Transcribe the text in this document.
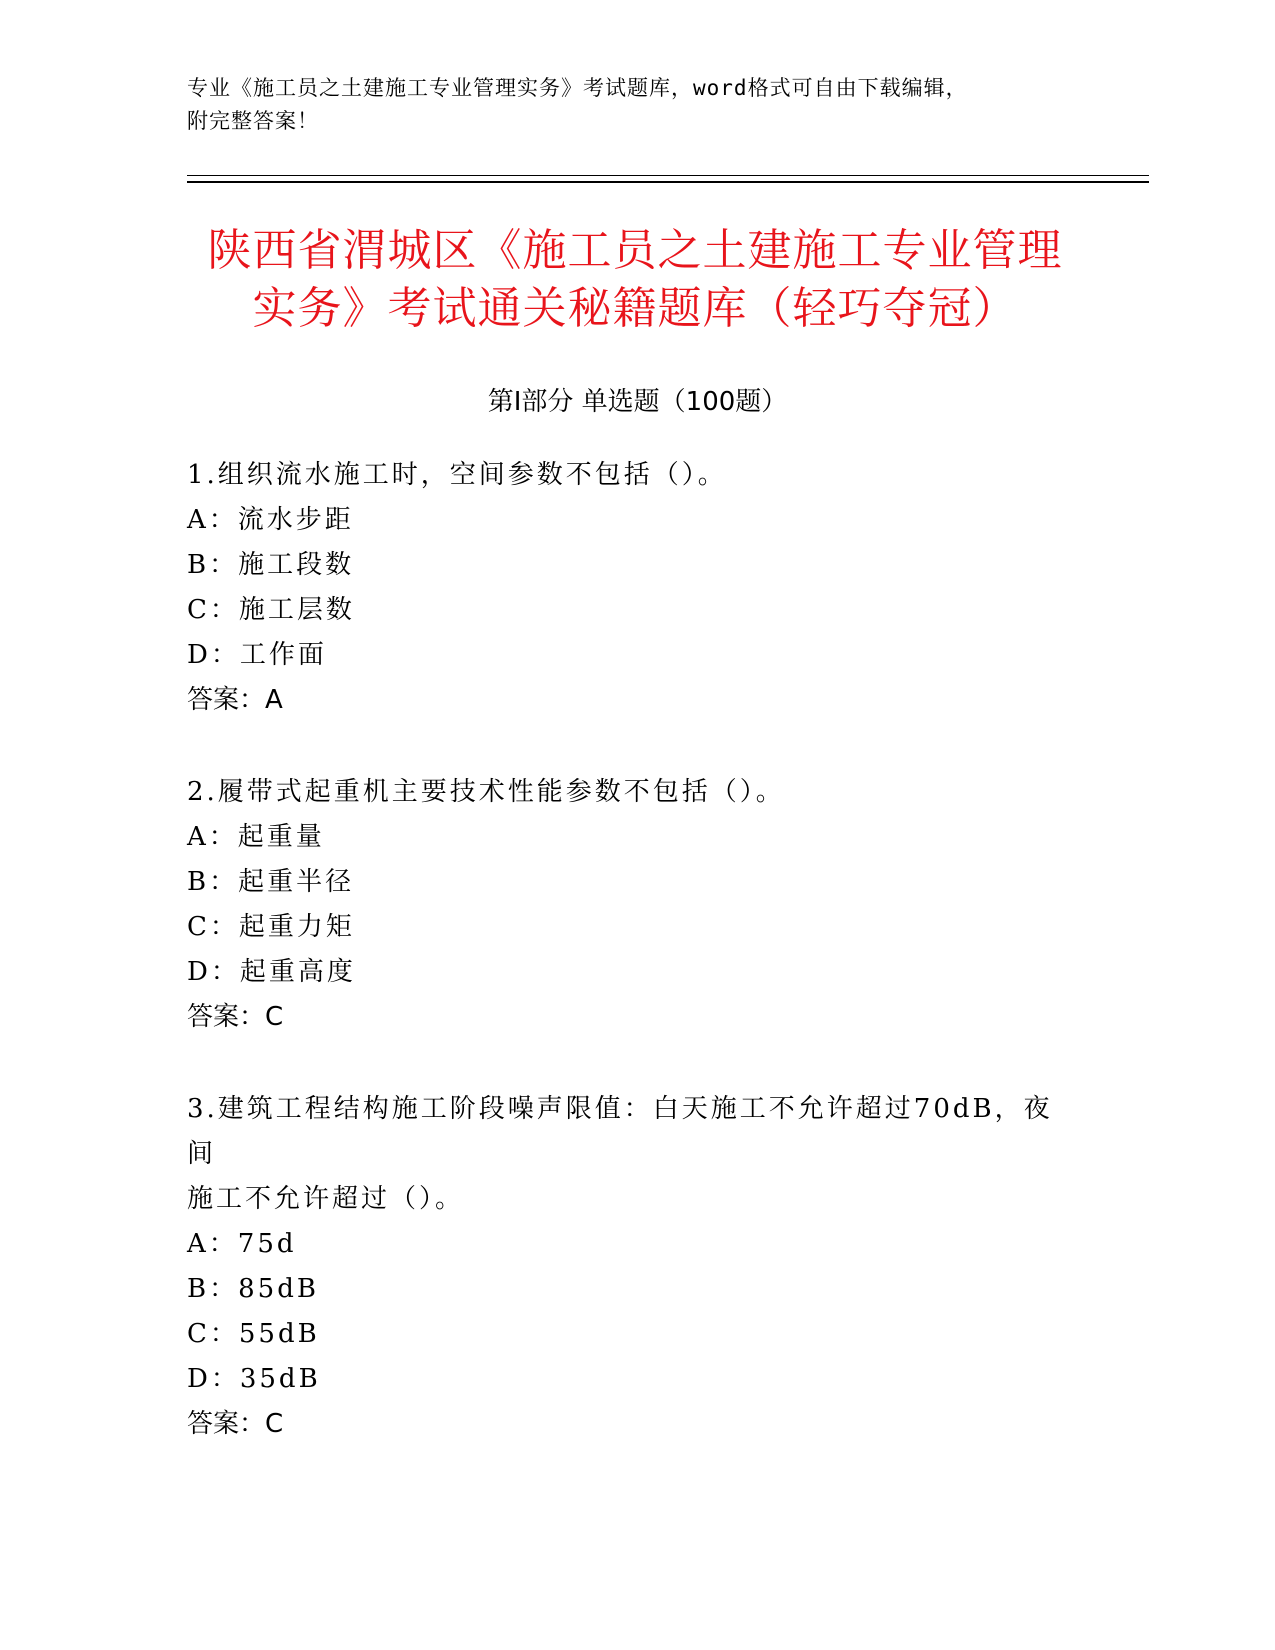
专业《施工员之土建施工专业管理实务》考试题库，word格式可自由下载编辑，
附完整答案！
陕西省渭城区《施工员之土建施工专业管理
实务》考试通关秘籍题库（轻巧夺冠）
第Ⅰ部分 单选题（100题）
1.组织流水施工时，空间参数不包括（）。
A：流水步距
B：施工段数
C：施工层数
D：工作面
答案：A
2.履带式起重机主要技术性能参数不包括（）。
A：起重量
B：起重半径
C：起重力矩
D：起重高度
答案：C
3.建筑工程结构施工阶段噪声限值：白天施工不允许超过70dB，夜间
施工不允许超过（）。
A：75d
B：85dB
C：55dB
D：35dB
答案：C
